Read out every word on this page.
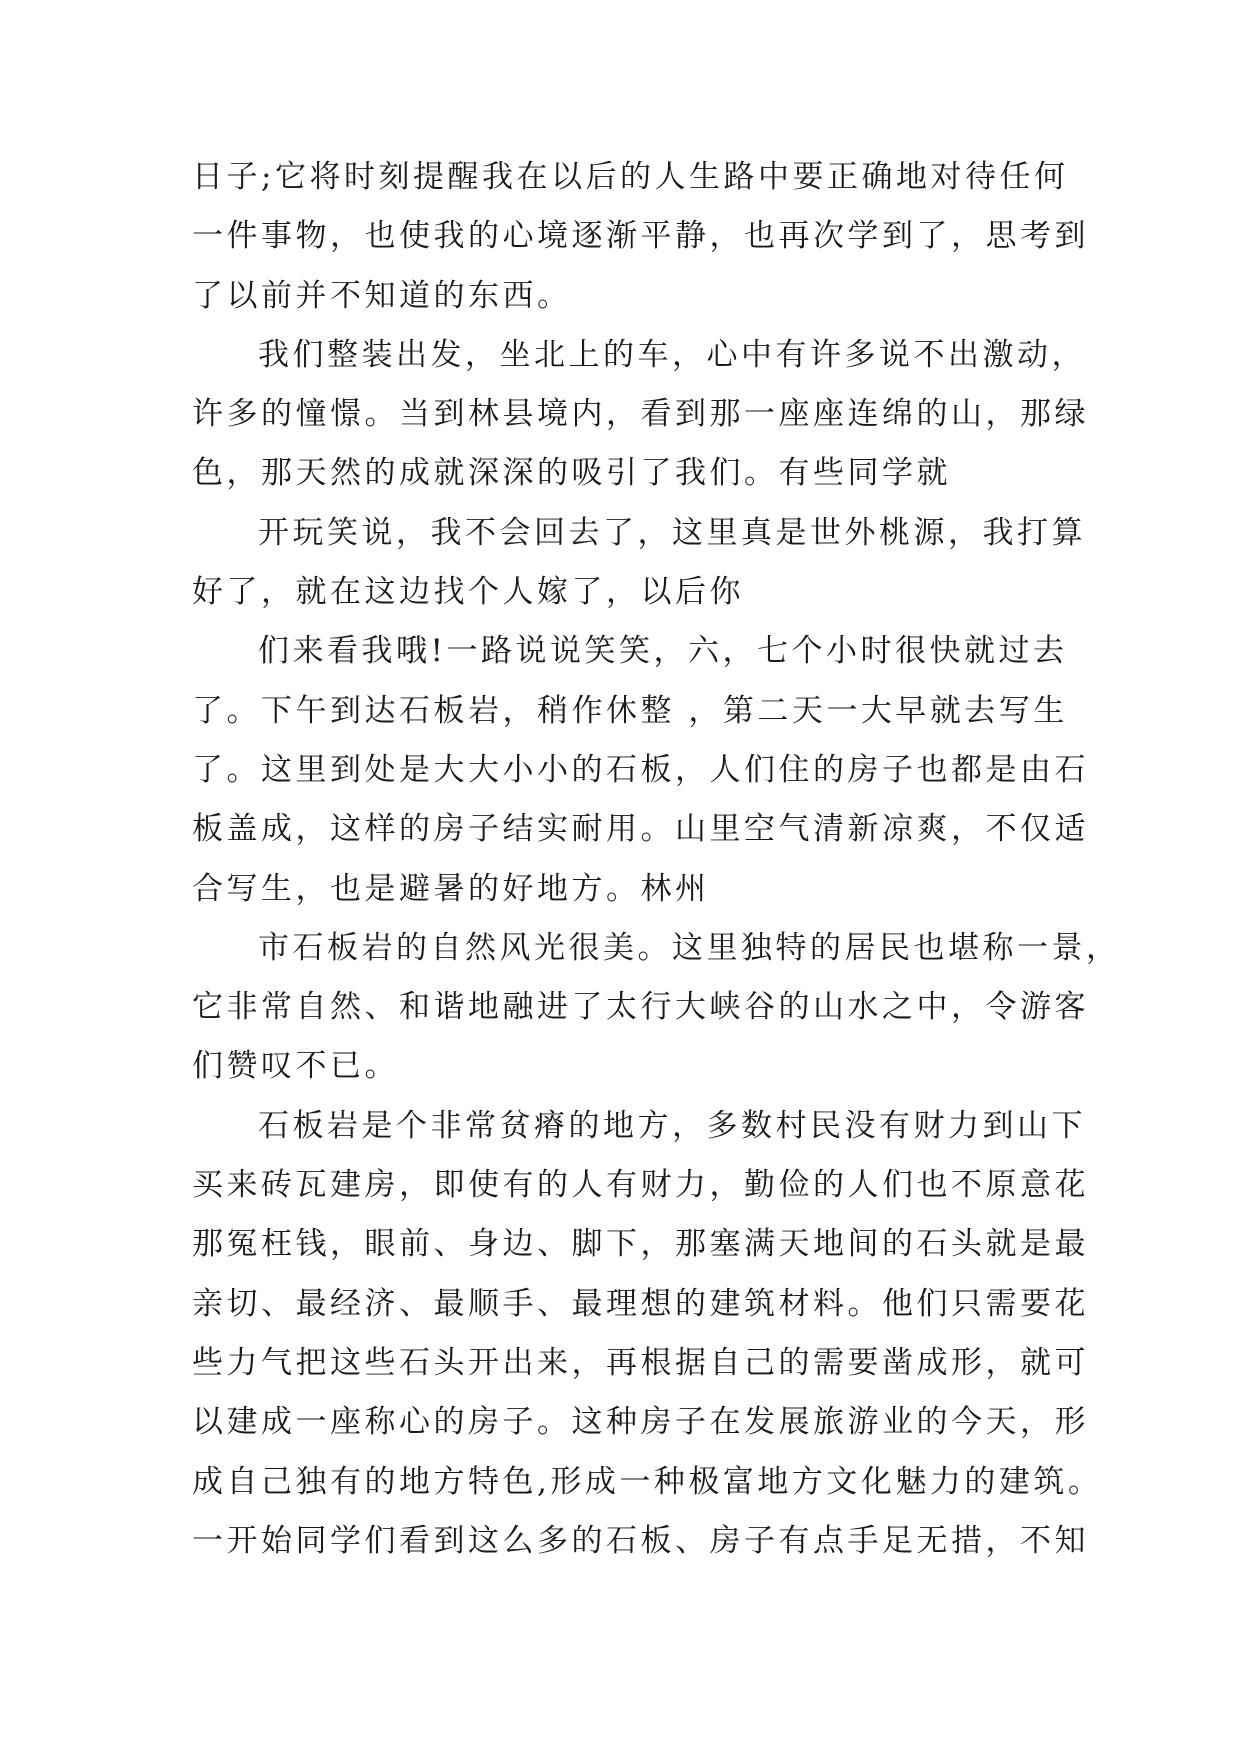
日子;它将时刻提醒我在以后的人生路中要正确地对待任何
一件事物，也使我的心境逐渐平静，也再次学到了，思考到
了以前并不知道的东西。
我们整装出发，坐北上的车，心中有许多说不出激动，
许多的憧憬。当到林县境内，看到那一座座连绵的山，那绿
色，那天然的成就深深的吸引了我们。有些同学就
开玩笑说，我不会回去了，这里真是世外桃源，我打算
好了，就在这边找个人嫁了，以后你
们来看我哦!一路说说笑笑，六，七个小时很快就过去
了。下午到达石板岩，稍作休整 ，第二天一大早就去写生
了。这里到处是大大小小的石板，人们住的房子也都是由石
板盖成，这样的房子结实耐用。山里空气清新凉爽，不仅适
合写生，也是避暑的好地方。林州
市石板岩的自然风光很美。这里独特的居民也堪称一景，
它非常自然、和谐地融进了太行大峡谷的山水之中，令游客
们赞叹不已。
石板岩是个非常贫瘠的地方，多数村民没有财力到山下
买来砖瓦建房，即使有的人有财力，勤俭的人们也不原意花
那冤枉钱，眼前、身边、脚下，那塞满天地间的石头就是最
亲切、最经济、最顺手、最理想的建筑材料。他们只需要花
些力气把这些石头开出来，再根据自己的需要凿成形，就可
以建成一座称心的房子。这种房子在发展旅游业的今天，形
成自己独有的地方特色,形成一种极富地方文化魅力的建筑。
一开始同学们看到这么多的石板、房子有点手足无措，不知
